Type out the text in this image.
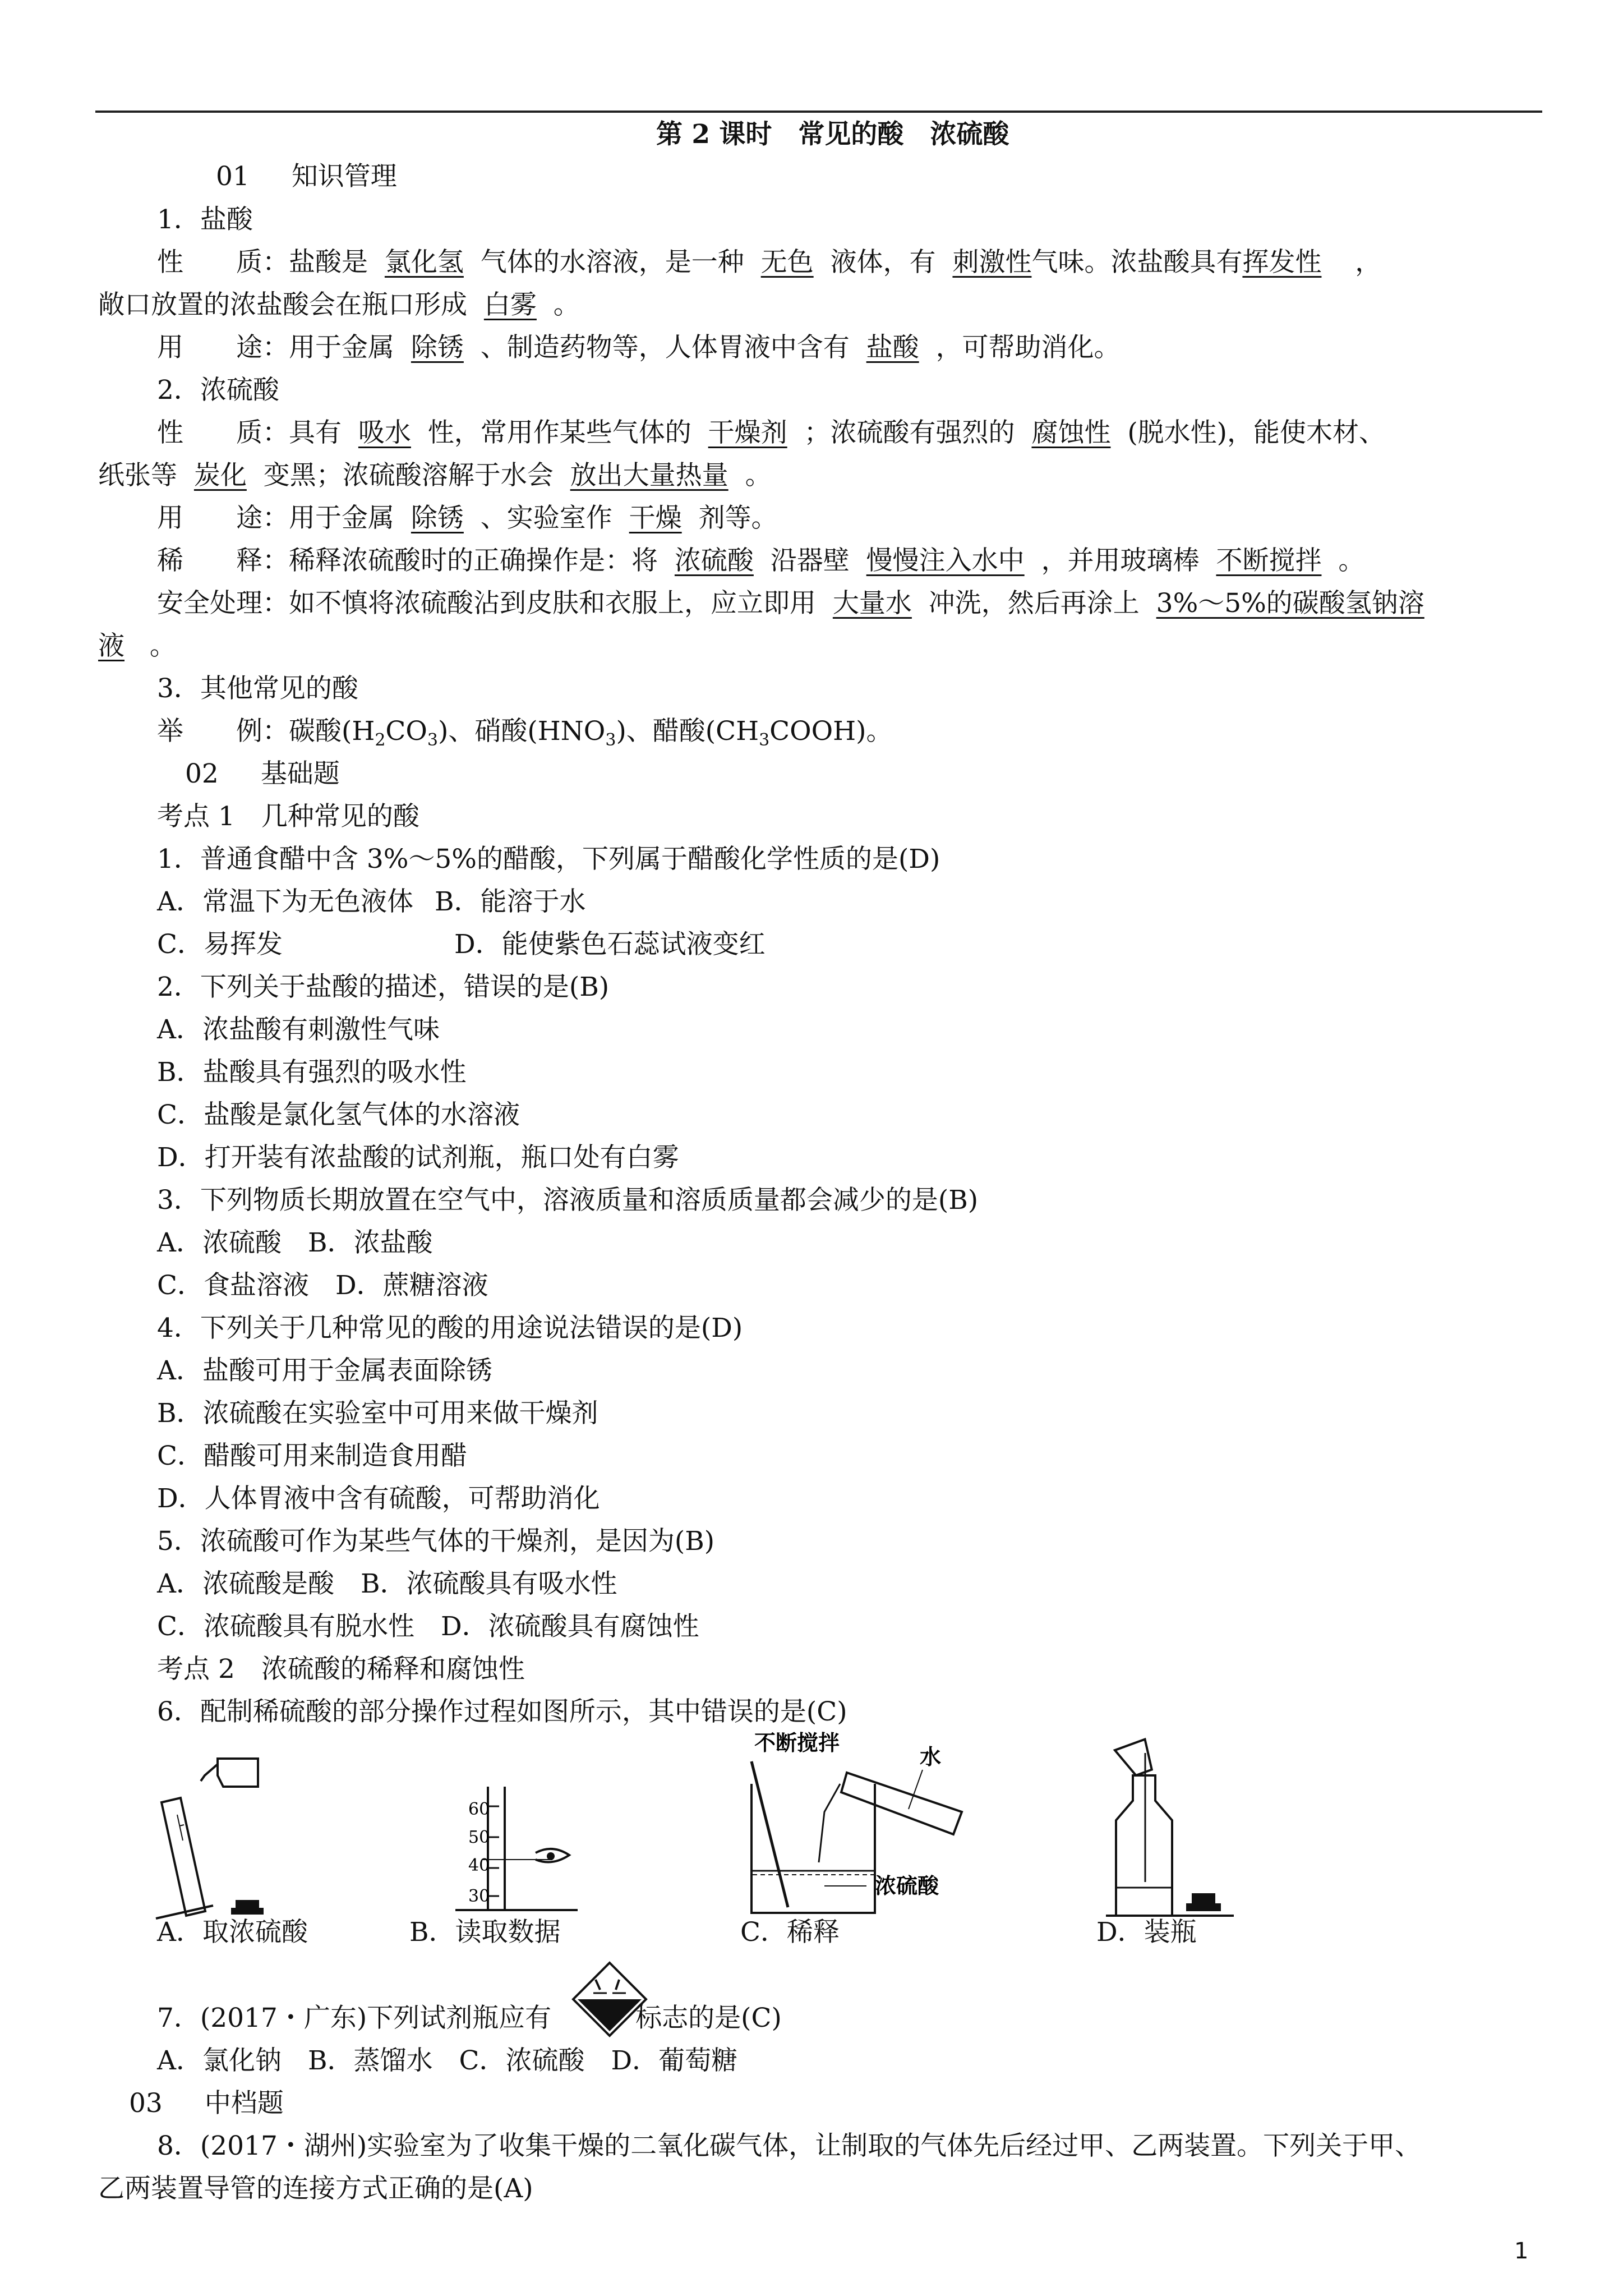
第 2 课时　常见的酸　浓硫酸
01 知识管理
1．盐酸
性　　质：盐酸是 氯化氢 气体的水溶液，是一种 无色 液体，有 刺激性气味。浓盐酸具有挥发性 ，
敞口放置的浓盐酸会在瓶口形成 白雾 。
用　　途：用于金属 除锈 、制造药物等，人体胃液中含有 盐酸 ，可帮助消化。
2．浓硫酸
性　　质：具有 吸水 性，常用作某些气体的 干燥剂 ；浓硫酸有强烈的 腐蚀性 (脱水性)，能使木材、
纸张等 炭化 变黑；浓硫酸溶解于水会 放出大量热量 。
用　　途：用于金属 除锈 、实验室作 干燥 剂等。
稀　　释：稀释浓硫酸时的正确操作是：将 浓硫酸 沿器壁 慢慢注入水中 ，并用玻璃棒 不断搅拌 。
安全处理：如不慎将浓硫酸沾到皮肤和衣服上，应立即用 大量水 冲洗，然后再涂上 3%～5%的碳酸氢钠溶
液 。
3．其他常见的酸
举　　例：碳酸$(H_2CO_3)$、硝酸$(HNO_3)$、醋酸$(CH_3COOH)$。
02 基础题
考点 1　几种常见的酸
1．普通食醋中含 3%～5%的醋酸，下列属于醋酸化学性质的是(D)
A．常温下为无色液体 B．能溶于水
C．易挥发	D．能使紫色石蕊试液变红
2．下列关于盐酸的描述，错误的是(B)
A．浓盐酸有刺激性气味
B．盐酸具有强烈的吸水性
C．盐酸是氯化氢气体的水溶液
D．打开装有浓盐酸的试剂瓶，瓶口处有白雾
3．下列物质长期放置在空气中，溶液质量和溶质质量都会减少的是(B)
A．浓硫酸　B．浓盐酸
C．食盐溶液　D．蔗糖溶液
4．下列关于几种常见的酸的用途说法错误的是(D)
A．盐酸可用于金属表面除锈
B．浓硫酸在实验室中可用来做干燥剂
C．醋酸可用来制造食用醋
D．人体胃液中含有硫酸，可帮助消化
5．浓硫酸可作为某些气体的干燥剂，是因为(B)
A．浓硫酸是酸　B．浓硫酸具有吸水性
C．浓硫酸具有脱水性　D．浓硫酸具有腐蚀性
考点 2　浓硫酸的稀释和腐蚀性
6．配制稀硫酸的部分操作过程如图所示，其中错误的是(C)
60
50
40
30
不断搅拌
水
浓硫酸
A．取浓硫酸	B．读取数据	C．稀释	D．装瓶
7．(2017・广东)下列试剂瓶应有	标志的是(C)
A．氯化钠　B．蒸馏水　C．浓硫酸　D．葡萄糖
03 中档题
8．(2017・湖州)实验室为了收集干燥的二氧化碳气体，让制取的气体先后经过甲、乙两装置。下列关于甲、
乙两装置导管的连接方式正确的是(A)
1
